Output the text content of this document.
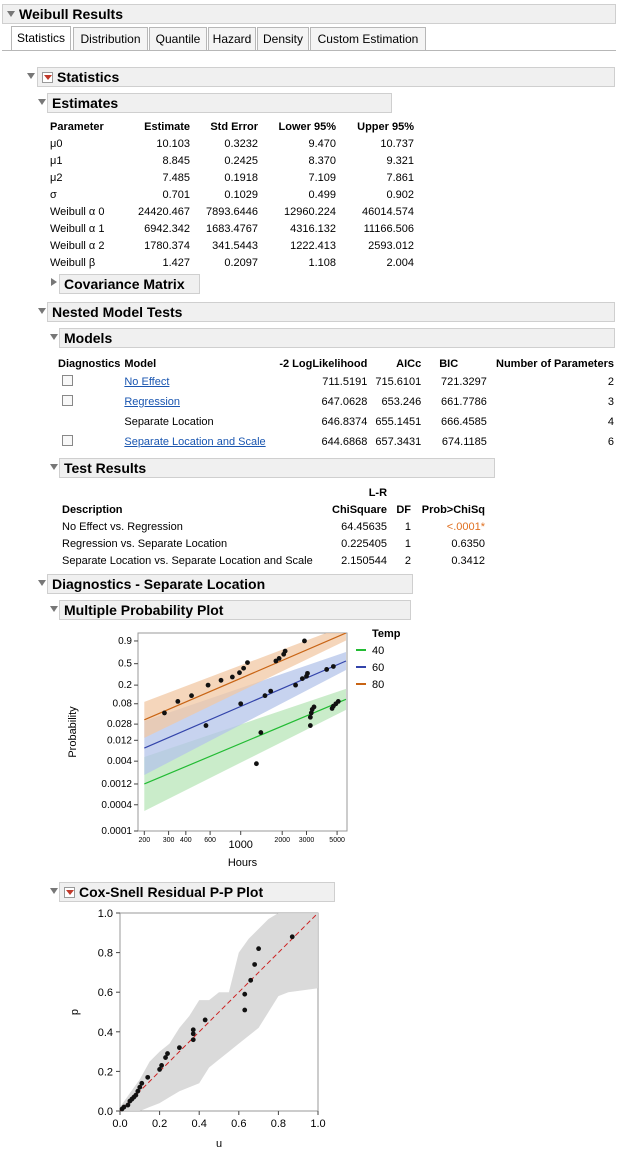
Weibull Results
Statistics	Distribution	Quantile	Hazard Density	Custom Estimation
Statistics
Estimates
Parameter	Estimate	Std Error	Lower 95%	Upper 95%
μ0	10.103	0.3232	9.470	10.737
μ1	8.845	0.2425	8.370	9.321
μ2	7.485	0.1918	7.109	7.861
σ	0.701	0.1029	0.499	0.902
Weibull α 0	24420.467	7893.6446	12960.224	46014.574
Weibull α 1	6942.342	1683.4767	4316.132	11166.506
Weibull α 2	1780.374	341.5443	1222.413	2593.012
Weibull β	1.427	0.2097	1.108	2.004
Covariance Matrix
Nested Model Tests
Models
Diagnostics	Model	-2 LogLikelihood	AICc	BIC	Number of Parameters
	No Effect	711.5191	715.6101	721.3297	2
	Regression	647.0628	653.246	661.7786	3
	Separate Location	646.8374	655.1451	666.4585	4
	Separate Location and Scale	644.6868	657.3431	674.1185	6
Test Results
	L-R		
Description	ChiSquare	DF	Prob>ChiSq
No Effect vs. Regression	64.45635	1	<.0001*
Regression vs. Separate Location	0.225405	1	0.6350
Separate Location vs. Separate Location and Scale	2.150544	2	0.3412
Diagnostics - Separate Location
Multiple Probability Plot
0.0001
0.0004
0.0012
0.004
0.012
0.028
0.08
0.2
0.5
0.9
200 300 400 600 1000	2000 3000 5000
Hours
Probability
Temp
40
60
80
Cox-Snell Residual P-P Plot
0.0
0.2
0.4
0.6
0.8
1.0
0.0 0.2 0.4 0.6 0.8 1.0
u
p
